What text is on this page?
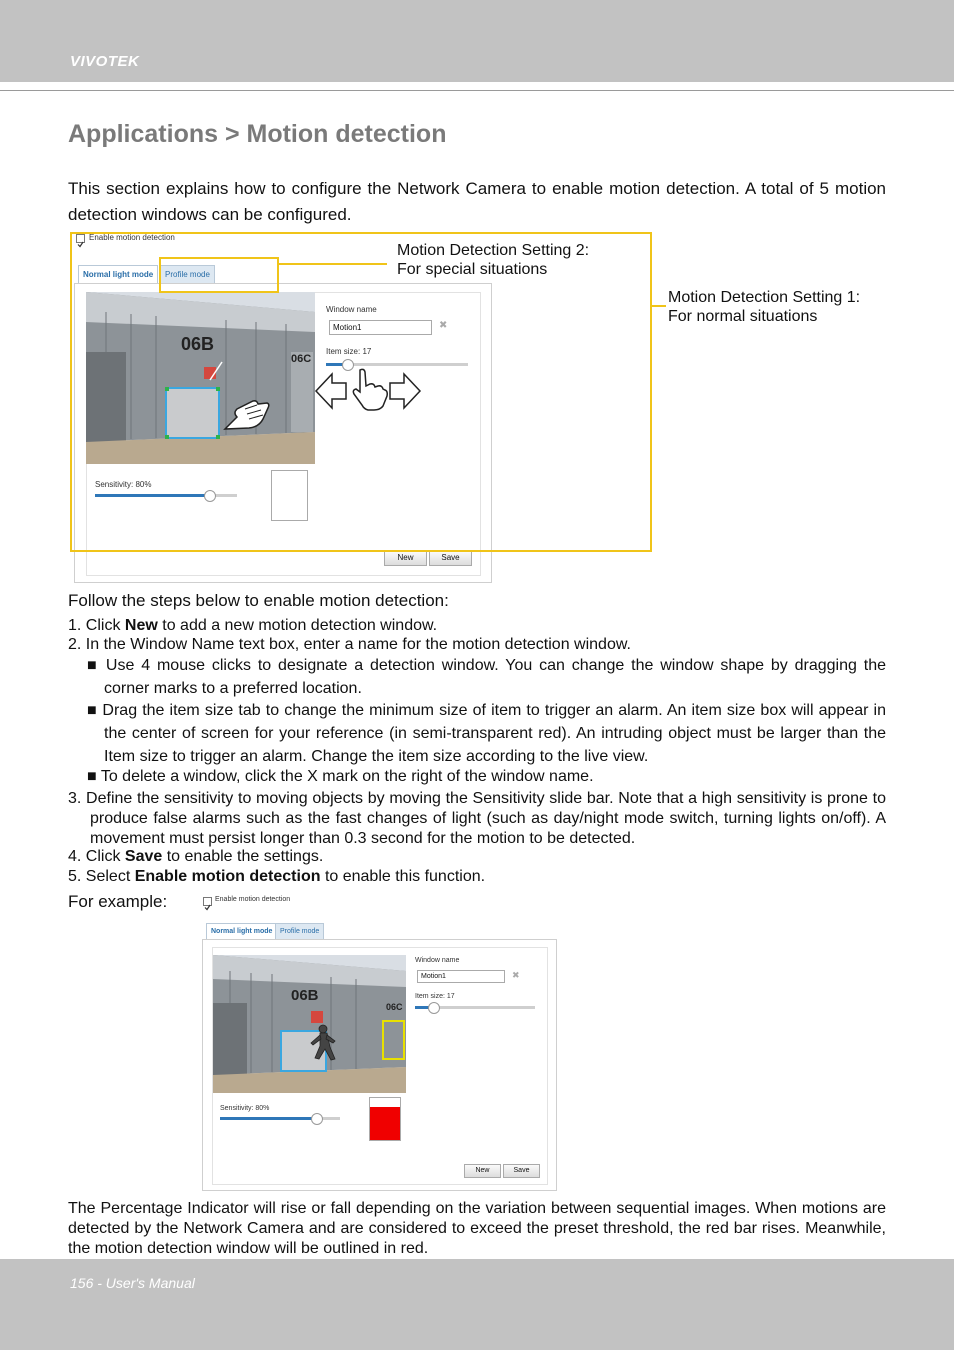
VIVOTEK
Applications > Motion detection
This section explains how to configure the Network Camera to enable motion detection. A total of 5 motion detection windows can be configured.
Enable motion detection
Normal light mode	Profile mode
06B
06C
Window name
Motion1	✖
Item size: 17
Sensitivity: 80%
New	Save
Motion Detection Setting 2:
For special situations
Motion Detection Setting 1:
For normal situations
Follow the steps below to enable motion detection:
1. Click New to add a new motion detection window.
2. In the Window Name text box, enter a name for the motion detection window.
■ Use 4 mouse clicks to designate a detection window. You can change the window shape by dragging the corner marks to a preferred location.
■ Drag the item size tab to change the minimum size of item to trigger an alarm. An item size box will appear in the center of screen for your reference (in semi-transparent red). An intruding object must be larger than the Item size to trigger an alarm. Change the item size according to the live view.
■ To delete a window, click the X mark on the right of the window name.
3. Define the sensitivity to moving objects by moving the Sensitivity slide bar. Note that a high sensitivity is prone to produce false alarms such as the fast changes of light (such as day/night mode switch, turning lights on/off). A movement must persist longer than 0.3 second for the motion to be detected.
4. Click Save to enable the settings.
5. Select Enable motion detection to enable this function.
For example:	Enable motion detection
Normal light mode	Profile mode
06B
06C
Window name
Motion1	✖
Item size: 17
Sensitivity: 80%
New	Save
The Percentage Indicator will rise or fall depending on the variation between sequential images. When motions are detected by the Network Camera and are considered to exceed the preset threshold, the red bar rises. Meanwhile, the motion detection window will be outlined in red.
156 - User's Manual
